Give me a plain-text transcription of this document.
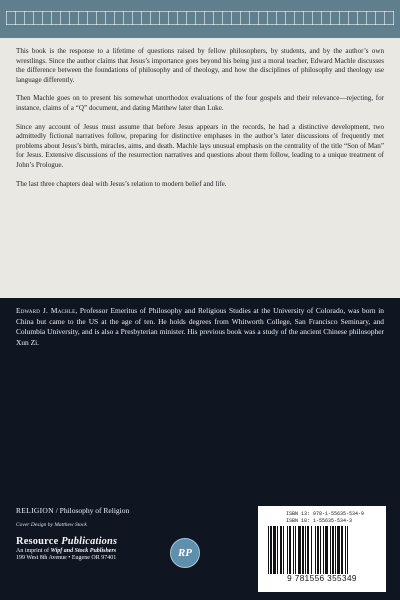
This book is the response to a lifetime of questions raised by fellow philosophers, by students, and by the author’s own wrestlings. Since the author claims that Jesus’s importance goes beyond his being just a moral teacher, Edward Machle discusses the difference between the foundations of philosophy and of theology, and how the disciplines of philosophy and theology use language differently.

Then Machle goes on to present his somewhat unorthodox evaluations of the four gospels and their relevance—rejecting, for instance, claims of a “Q” document, and dating Matthew later than Luke.

Since any account of Jesus must assume that before Jesus appears in the records, he had a distinctive development, two admittedly fictional narratives follow, preparing for distinctive emphases in the author’s later discussions of frequently met problems about Jesus’s birth, miracles, aims, and death. Machle lays unusual emphasis on the centrality of the title “Son of Man” for Jesus. Extensive discussions of the resurrection narratives and questions about them follow, leading to a unique treatment of John’s Prologue.

The last three chapters deal with Jesus’s relation to modern belief and life.

Edward J. Machle, Professor Emeritus of Philosophy and Religious Studies at the University of Colorado, was born in China but came to the US at the age of ten. He holds degrees from Whitworth College, San Francisco Seminary, and Columbia University, and is also a Presbyterian minister. His previous book was a study of the ancient Chinese philosopher Xun Zi.
RELIGION / Philosophy of Religion
Cover Design by Matthew Stock
Resource Publications
An imprint of Wipf and Stock Publishers
199 West 8th Avenue • Eugene OR 97401	RP
ISBN 13: 978-1-55635-534-9
ISBN 10: 1-55635-534-3
9 781556 355349
